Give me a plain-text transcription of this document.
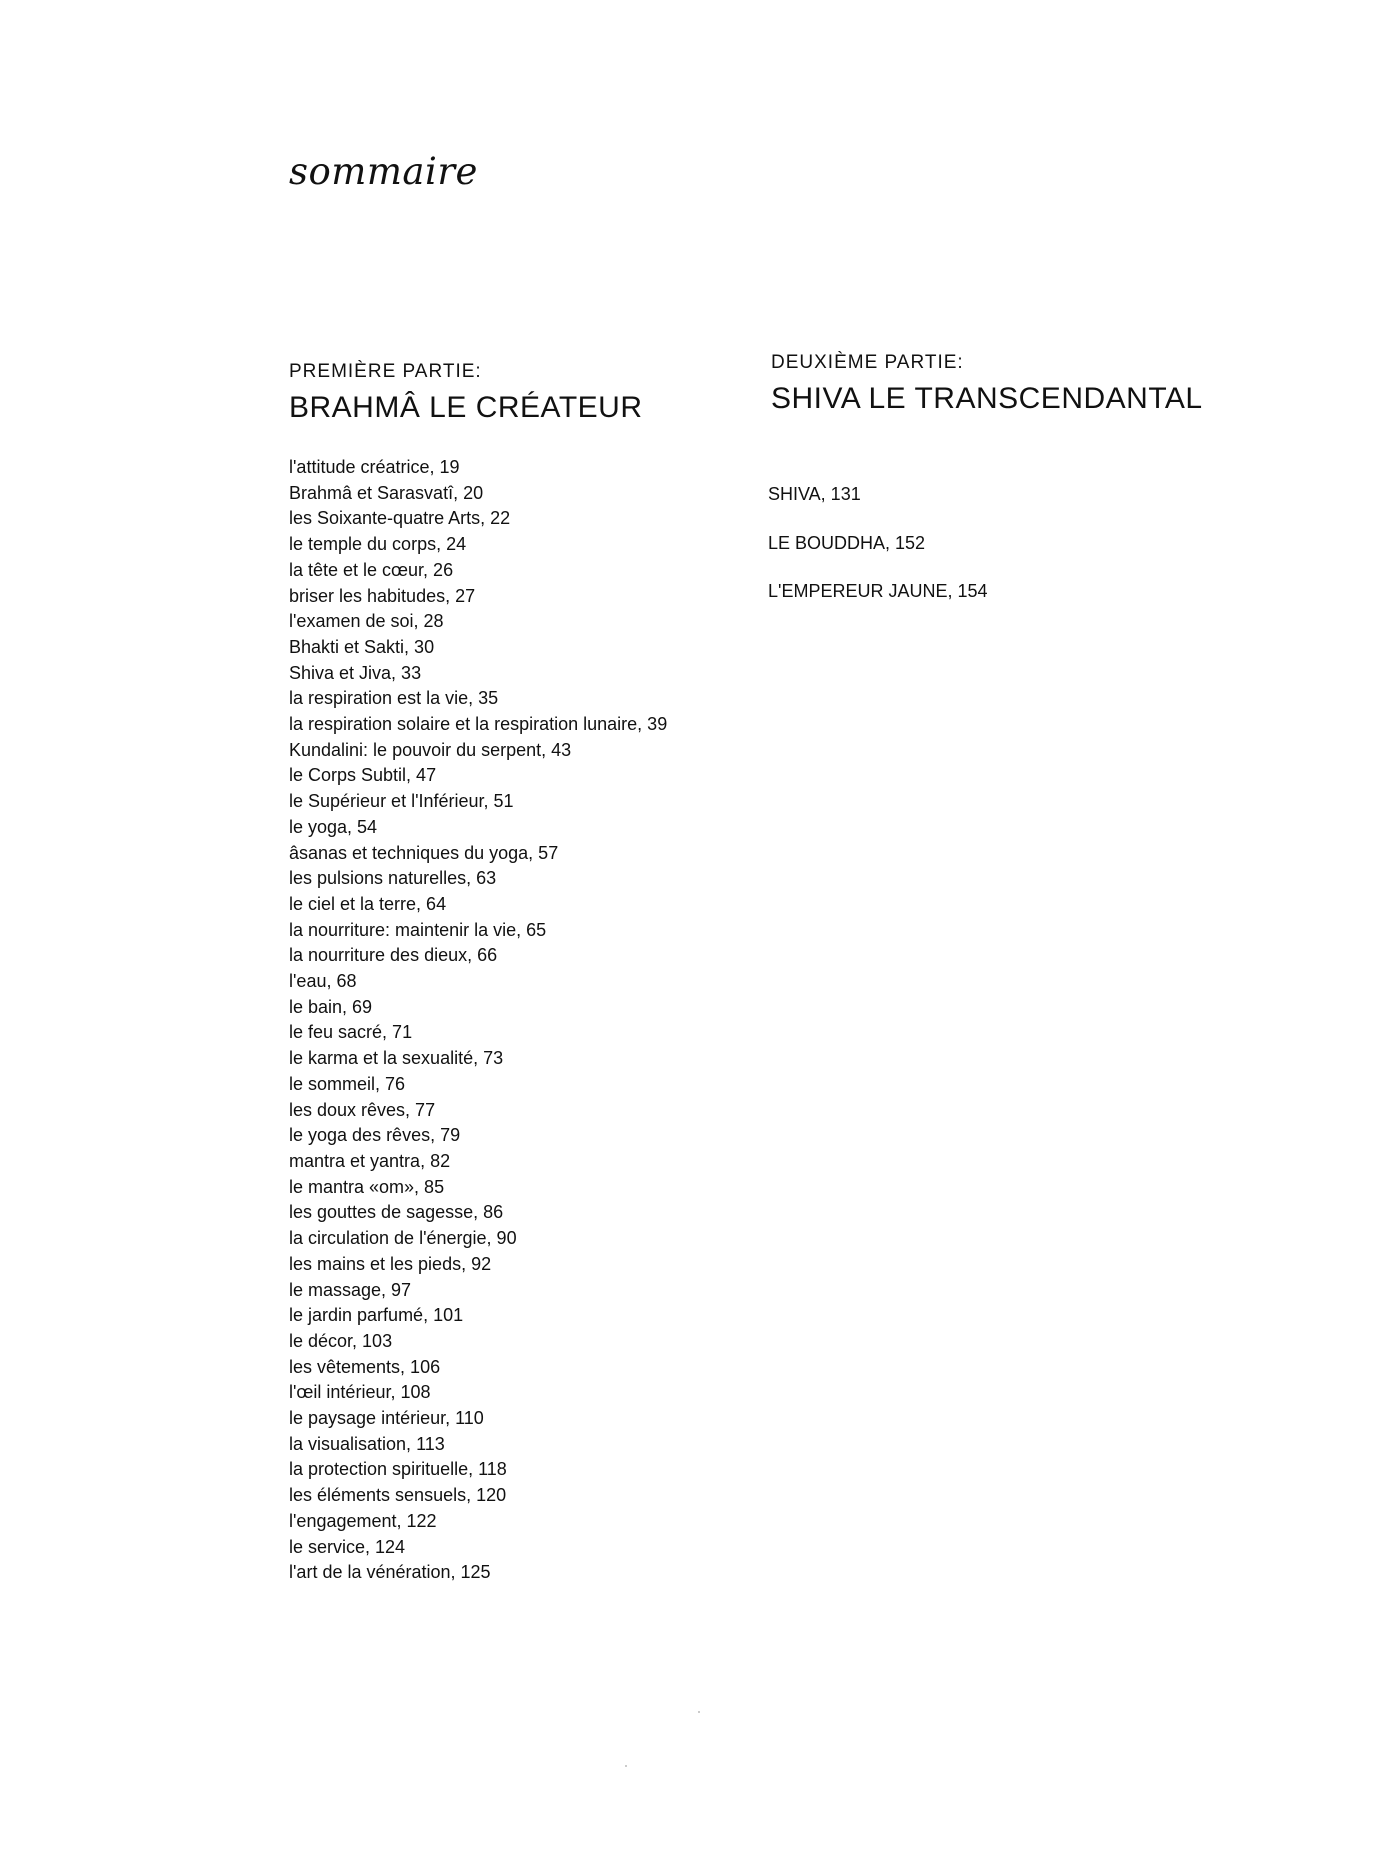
sommaire

PREMIÈRE PARTIE:

BRAHMÂ LE CRÉATEUR

DEUXIÈME PARTIE:

SHIVA LE TRANSCENDANTAL
l'attitude créatrice, 19
Brahmâ et Sarasvatî, 20
les Soixante-quatre Arts, 22
le temple du corps, 24
la tête et le cœur, 26
briser les habitudes, 27
l'examen de soi, 28
Bhakti et Sakti, 30
Shiva et Jiva, 33
la respiration est la vie, 35
la respiration solaire et la respiration lunaire, 39
Kundalini: le pouvoir du serpent, 43
le Corps Subtil, 47
le Supérieur et l'Inférieur, 51
le yoga, 54
âsanas et techniques du yoga, 57
les pulsions naturelles, 63
le ciel et la terre, 64
la nourriture: maintenir la vie, 65
la nourriture des dieux, 66
l'eau, 68
le bain, 69
le feu sacré, 71
le karma et la sexualité, 73
le sommeil, 76
les doux rêves, 77
le yoga des rêves, 79
mantra et yantra, 82
le mantra «om», 85
les gouttes de sagesse, 86
la circulation de l'énergie, 90
les mains et les pieds, 92
le massage, 97
le jardin parfumé, 101
le décor, 103
les vêtements, 106
l'œil intérieur, 108
le paysage intérieur, 110
la visualisation, 113
la protection spirituelle, 118
les éléments sensuels, 120
l'engagement, 122
le service, 124
l'art de la vénération, 125
SHIVA, 131
LE BOUDDHA, 152
L'EMPEREUR JAUNE, 154
